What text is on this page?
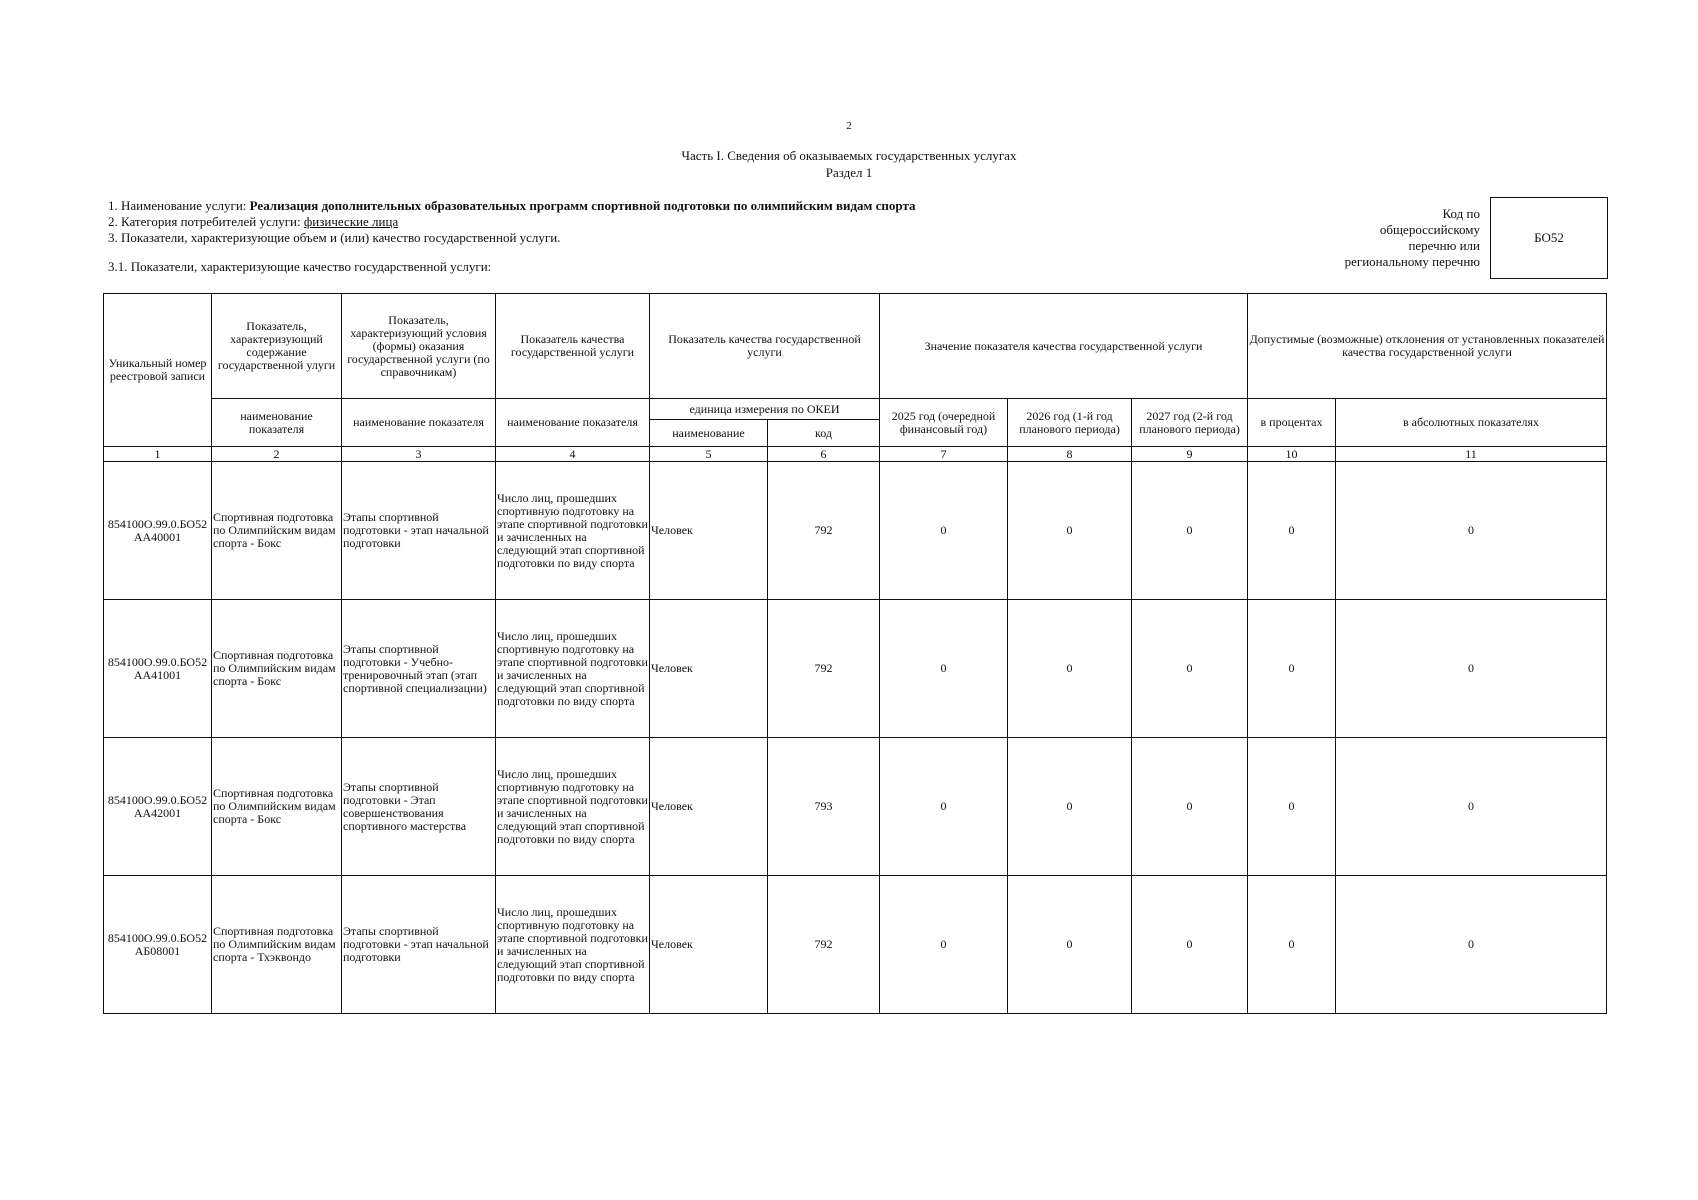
2
Часть I. Сведения об оказываемых государственных услугах
Раздел 1
1. Наименование услуги: Реализация дополнительных образовательных программ спортивной подготовки по олимпийским видам спорта
2. Категория потребителей услуги: физические лица
3. Показатели, характеризующие объем и (или) качество государственной услуги.
3.1. Показатели, характеризующие качество государственной услуги:
Код по
общероссийскому
перечню или
региональному перечню
БО52
Уникальный номер реестровой записи	Показатель, характеризующий содержание государственной улуги	Показатель, характеризующий условия (формы) оказания государственной услуги (по справочникам)	Показатель качества государственной услуги	Показатель качества государственной услуги		Значение показателя качества государственной услуги			Допустимые (возможные) отклонения от установленных показателей качества государственной услуги	
	наименование показателя	наименование показателя	наименование показателя	единица измерения по ОКЕИ		2025 год (очередной финансовый год)	2026 год (1-й год планового периода)	2027 год (2-й год планового периода)	в процентах	в абсолютных показателях
				наименование	код					
1	2	3	4	5	6	7	8	9	10	11
854100О.99.0.БО52 АА40001	Спортивная подготовка по Олимпийским видам спорта - Бокс	Этапы спортивной подготовки - этап начальной подготовки	Число лиц, прошедших спортивную подготовку на этапе спортивной подготовки и зачисленных на следующий этап спортивной подготовки по виду спорта	Человек	792	0	0	0	0	0
854100О.99.0.БО52 АА41001	Спортивная подготовка по Олимпийским видам спорта - Бокс	Этапы спортивной подготовки - Учебно-тренировочный этап (этап спортивной специализации)	Число лиц, прошедших спортивную подготовку на этапе спортивной подготовки и зачисленных на следующий этап спортивной подготовки по виду спорта	Человек	792	0	0	0	0	0
854100О.99.0.БО52 АА42001	Спортивная подготовка по Олимпийским видам спорта - Бокс	Этапы спортивной подготовки - Этап совершенствования спортивного мастерства	Число лиц, прошедших спортивную подготовку на этапе спортивной подготовки и зачисленных на следующий этап спортивной подготовки по виду спорта	Человек	793	0	0	0	0	0
854100О.99.0.БО52 АБ08001	Спортивная подготовка по Олимпийским видам спорта - Тхэквондо	Этапы спортивной подготовки - этап начальной подготовки	Число лиц, прошедших спортивную подготовку на этапе спортивной подготовки и зачисленных на следующий этап спортивной подготовки по виду спорта	Человек	792	0	0	0	0	0
